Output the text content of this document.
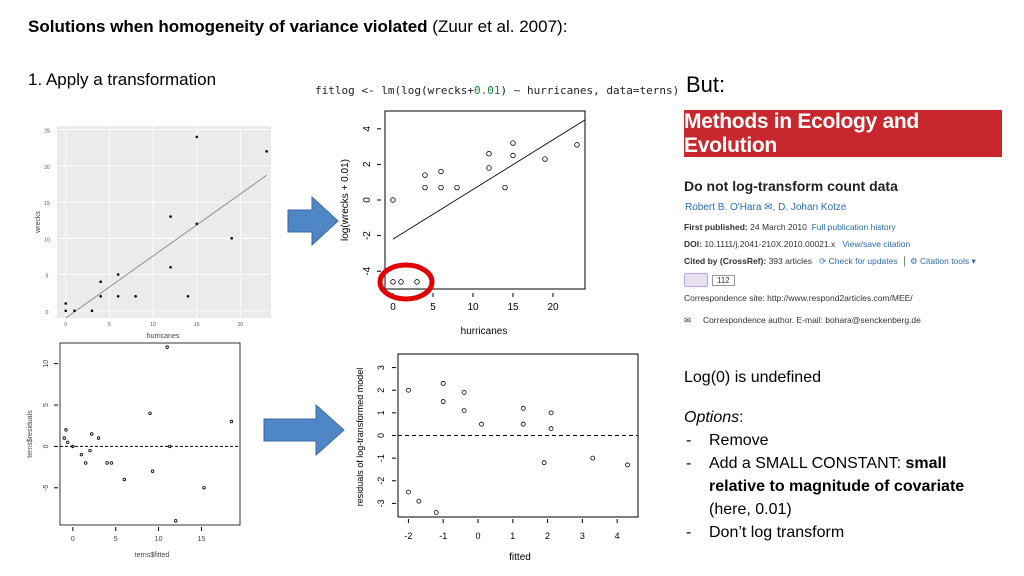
Solutions when homogeneity of variance violated (Zuur et al. 2007):
1. Apply a transformation
fitlog <- lm(log(wrecks+0.01) ~ hurricanes, data=terns)
0	5	10	15	20
0
5
10
15
20
25
hurricanes
wrecks
0	5	10	15	20
-4
-2
0
2
4
hurricanes
log(wrecks + 0.01)
0	5	10	15
-5
0
5
10
terns$fitted
terns$residuals
-2	-1	0	1	2	3	4
-3
-2
-1
0
1
2
3
fitted
residuals of log-transformed model
But:
Methods in Ecology and Evolution
Do not log-transform count data
Robert B. O'Hara ✉, D. Johan Kotze
First published: 24 March 2010 Full publication history
DOI: 10.1111/j.2041-210X.2010.00021.x View/save citation
Cited by (CrossRef): 393 articles ⟳ Check for updates  │ ⚙ Citation tools ▾
112
Correspondence site: http://www.respond2articles.com/MEE/
✉ Correspondence author. E-mail: bohara@senckenberg.de
Log(0) is undefined
Options:
- Remove
- Add a SMALL CONSTANT: small relative to magnitude of covariate (here, 0.01)
- Don’t log transform
